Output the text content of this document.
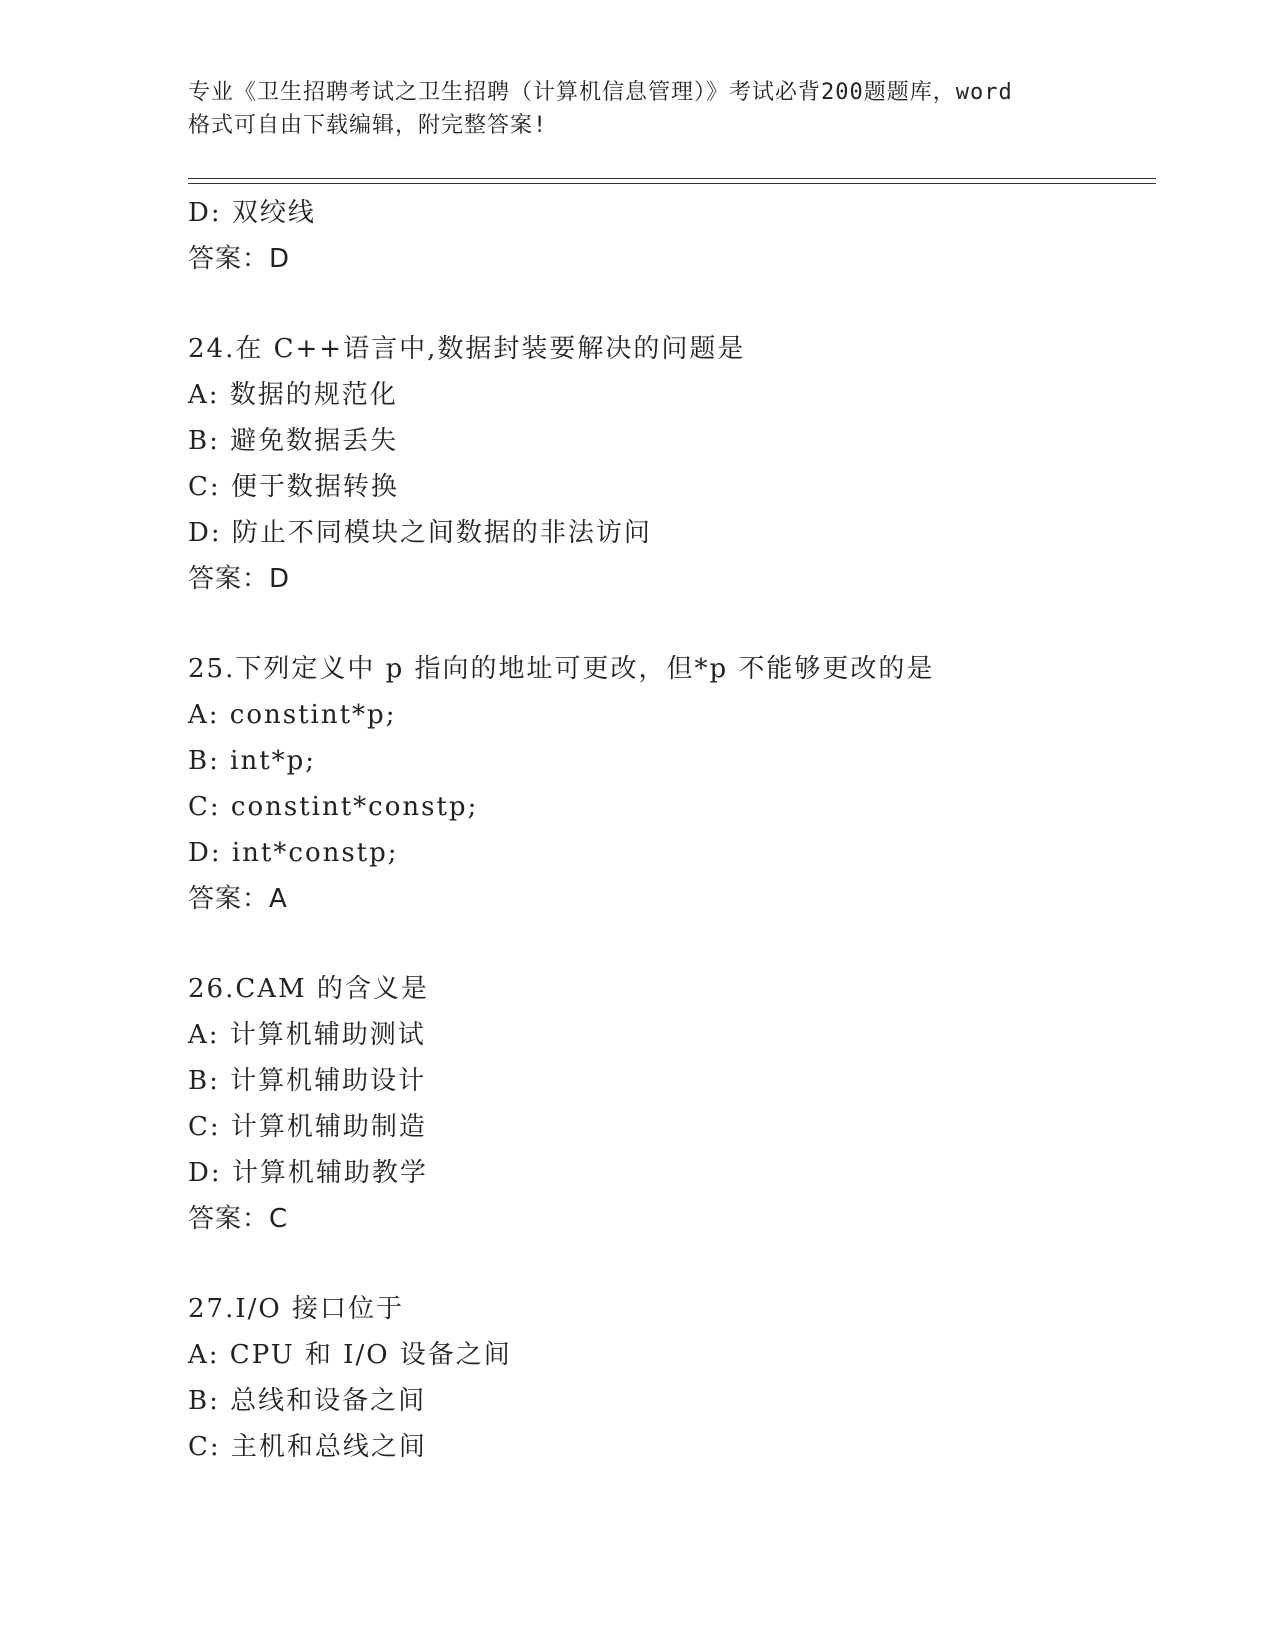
专业《卫生招聘考试之卫生招聘（计算机信息管理）》考试必背200题题库，word
格式可自由下载编辑，附完整答案!
D: 双绞线
答案：D
24.在 C++语言中,数据封装要解决的问题是
A: 数据的规范化
B: 避免数据丢失
C: 便于数据转换
D: 防止不同模块之间数据的非法访问
答案：D
25.下列定义中 p 指向的地址可更改，但*p 不能够更改的是
A: constint*p;
B: int*p;
C: constint*constp;
D: int*constp;
答案：A
26.CAM 的含义是
A: 计算机辅助测试
B: 计算机辅助设计
C: 计算机辅助制造
D: 计算机辅助教学
答案：C
27.I/O 接口位于
A: CPU 和 I/O 设备之间
B: 总线和设备之间
C: 主机和总线之间
